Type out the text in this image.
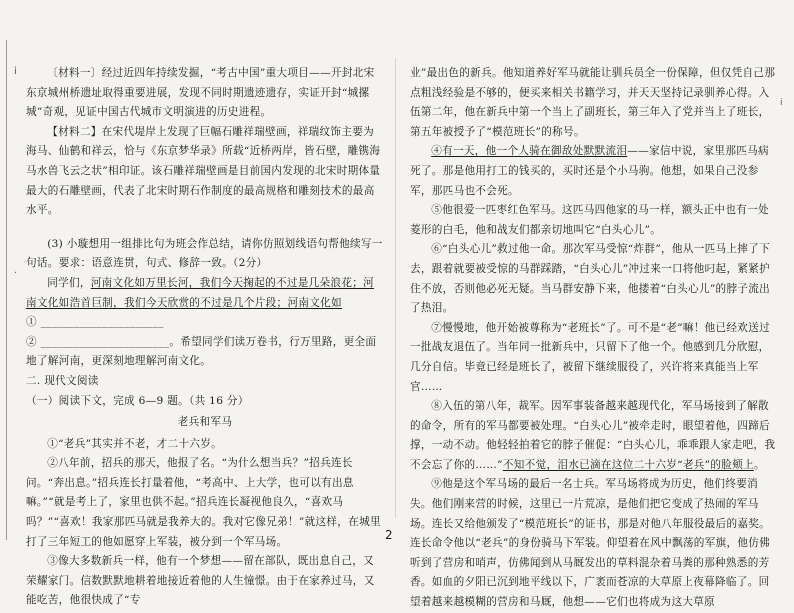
ⅰ
·
ⅰ

〔材料一〕经过近四年持续发掘，“考古中国”重大项目——开封北宋东京城州桥遗址取得重要进展，发现不同时期遗迹遗存，实证开封“城摞城”奇观，见证中国古代城市文明演进的历史进程。

【材料二】在宋代堤岸上发现了巨幅石雕祥瑞壁画，祥瑞纹饰主要为海马、仙鹤和祥云，恰与《东京梦华录》所载“近桥两岸，皆石壁，雕镌海马水兽飞云之状”相印证。该石雕祥瑞壁画是目前国内发现的北宋时期体量最大的石雕壁画，代表了北宋时期石作制度的最高规格和雕刻技术的最高水平。

(3) 小璇想用一组排比句为班会作总结，请你仿照划线语句帮他续写一句话。要求：语意连贯，句式、修辞一致。（2分）

同学们，河南文化如万里长河，我们今天掬起的不过是几朵浪花；河南文化如浩首巨制，我们今天欣赏的不过是几个片段；河南文化如① ______________________

② _______________________。希望同学们读万卷书，行万里路，更全面地了解河南，更深刻地理解河南文化。

二. 现代文阅读

（一）阅读下文，完成 6—9 题。（共 16 分）

老兵和军马

①“老兵”其实并不老，才二十六岁。

②八年前，招兵的那天，他报了名。“为什么想当兵？”招兵连长问。“奔出息。”招兵连长打量着他，“考高中、上大学，也可以有出息嘛。”“就是考上了，家里也供不起。”招兵连长凝视他良久，“喜欢马吗？”“喜欢！我家那匹马就是我养大的。我对它像兄弟！”就这样，在城里打了三年短工的他如愿穿上军装，被分到一个军马场。

③像大多数新兵一样，他有一个梦想——留在部队，既出息自己，又荣耀家门。信数默默地耕着地接近着他的人生憧憬。由于在家养过马，又能吃苦，他很快成了“专

业”最出色的新兵。他知道养好军马就能让驯兵员全一份保障，但仅凭自己那点粗浅经验是不够的，便买来相关书籍学习，并天天坚持记录驯养心得。入伍第二年，他在新兵中第一个当上了副班长，第三年入了党并当上了班长，第五年被授予了“模范班长”的称号。

④有一天，他一个人骑在御敌处默默流泪——家信中说，家里那匹马病死了。那是他用打工的钱买的，买时还是个小马驹。他想，如果自己没参军，那匹马也不会死。

⑤他很爱一匹枣红色军马。这匹马四他家的马一样，额头正中也有一处菱形的白毛，他和战友们都亲切地叫它“白头心儿”。

⑥“白头心儿”救过他一命。那次军马受惊“炸群”，他从一匹马上摔了下去，跟着就要被受惊的马群踩踏，“白头心儿”冲过来一口将他叼起，紧紧护住不放，否则他必死无疑。当马群安静下来，他搂着“白头心儿”的脖子流出了热泪。

⑦慢慢地，他开始被尊称为“老班长”了。可不是“老”嘛！他已经欢送过一批战友退伍了。当年同一批新兵中，只留下了他一个。他感到几分欣慰，几分自信。毕竟已经是班长了，被留下继续服役了，兴许将来真能当上军官……

⑧入伍的第八年，裁军。因军事装备越来越现代化，军马场接到了解散的命令，所有的军马都要被处理。“白头心儿”被牵走时，眼望着他，四蹄后撑，一动不动。他轻轻拍着它的脖子催促：“白头心儿，乖乖跟人家走吧，我不会忘了你的……”不知不觉，泪水已滴在这位二十六岁“老兵”的脸颊上。

⑨他是这个军马场的最后一名士兵。军马场将成为历史，他们终要消失。他们刚来营的时候，这里已一片荒凉，是他们把它变成了热闹的军马场。连长又给他颁发了“模范班长”的证书，那是对他八年服役最后的嘉奖。连长命令他以“老兵”的身份骑马下军装。仰望着在风中飘荡的军旗，他仿佛听到了营房和哨声，仿佛闻到从马厩发出的草料混杂着马粪的那种熟悉的芳香。如血的夕阳已沉到地平线以下，广袤而苍凉的大草原上夜幕降临了。回望着越来越模糊的营房和马厩，他想——它们也将成为这大草原

2
